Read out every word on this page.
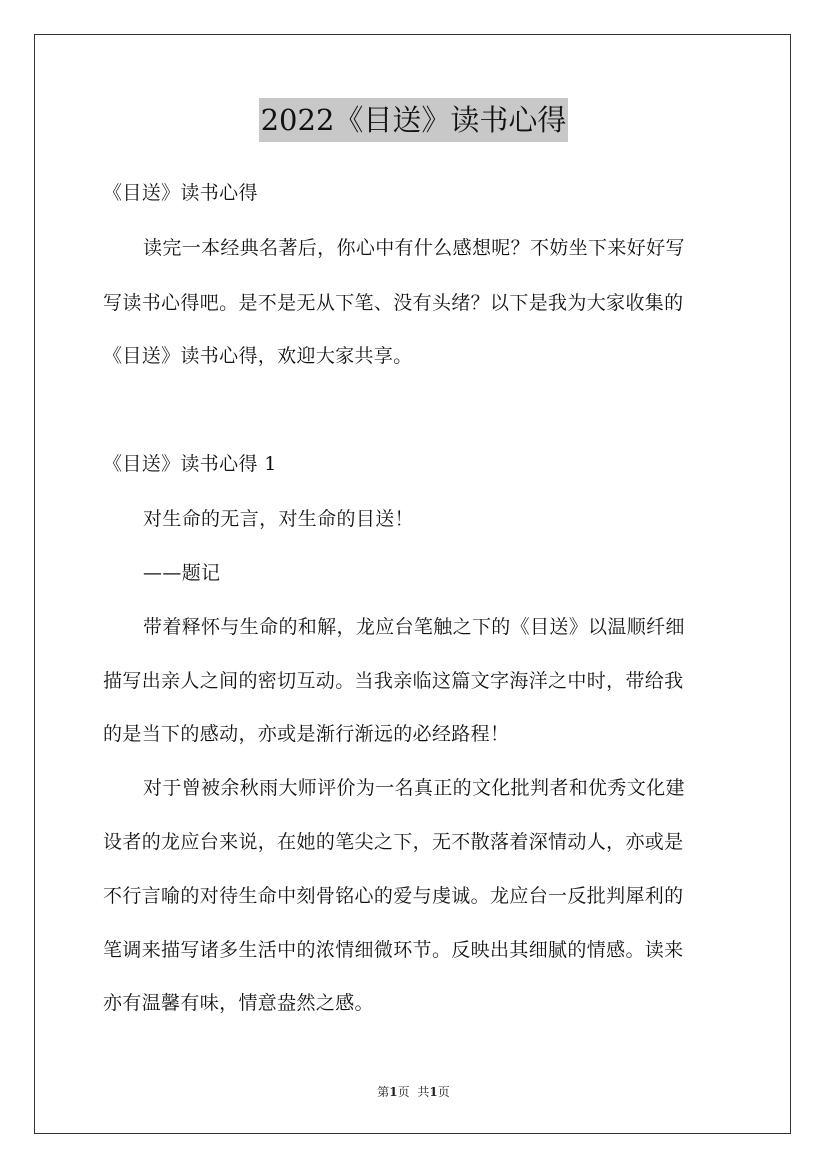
2022《目送》读书心得
《目送》读书心得
读完一本经典名著后，你心中有什么感想呢？不妨坐下来好好写
写读书心得吧。是不是无从下笔、没有头绪？以下是我为大家收集的
《目送》读书心得，欢迎大家共享。
《目送》读书心得 1
对生命的无言，对生命的目送！
——题记
带着释怀与生命的和解，龙应台笔触之下的《目送》以温顺纤细
描写出亲人之间的密切互动。当我亲临这篇文字海洋之中时，带给我
的是当下的感动，亦或是渐行渐远的必经路程！
对于曾被余秋雨大师评价为一名真正的文化批判者和优秀文化建
设者的龙应台来说，在她的笔尖之下，无不散落着深情动人，亦或是
不行言喻的对待生命中刻骨铭心的爱与虔诚。龙应台一反批判犀利的
笔调来描写诸多生活中的浓情细微环节。反映出其细腻的情感。读来
亦有温馨有味，情意盎然之感。
第1页 共1页
